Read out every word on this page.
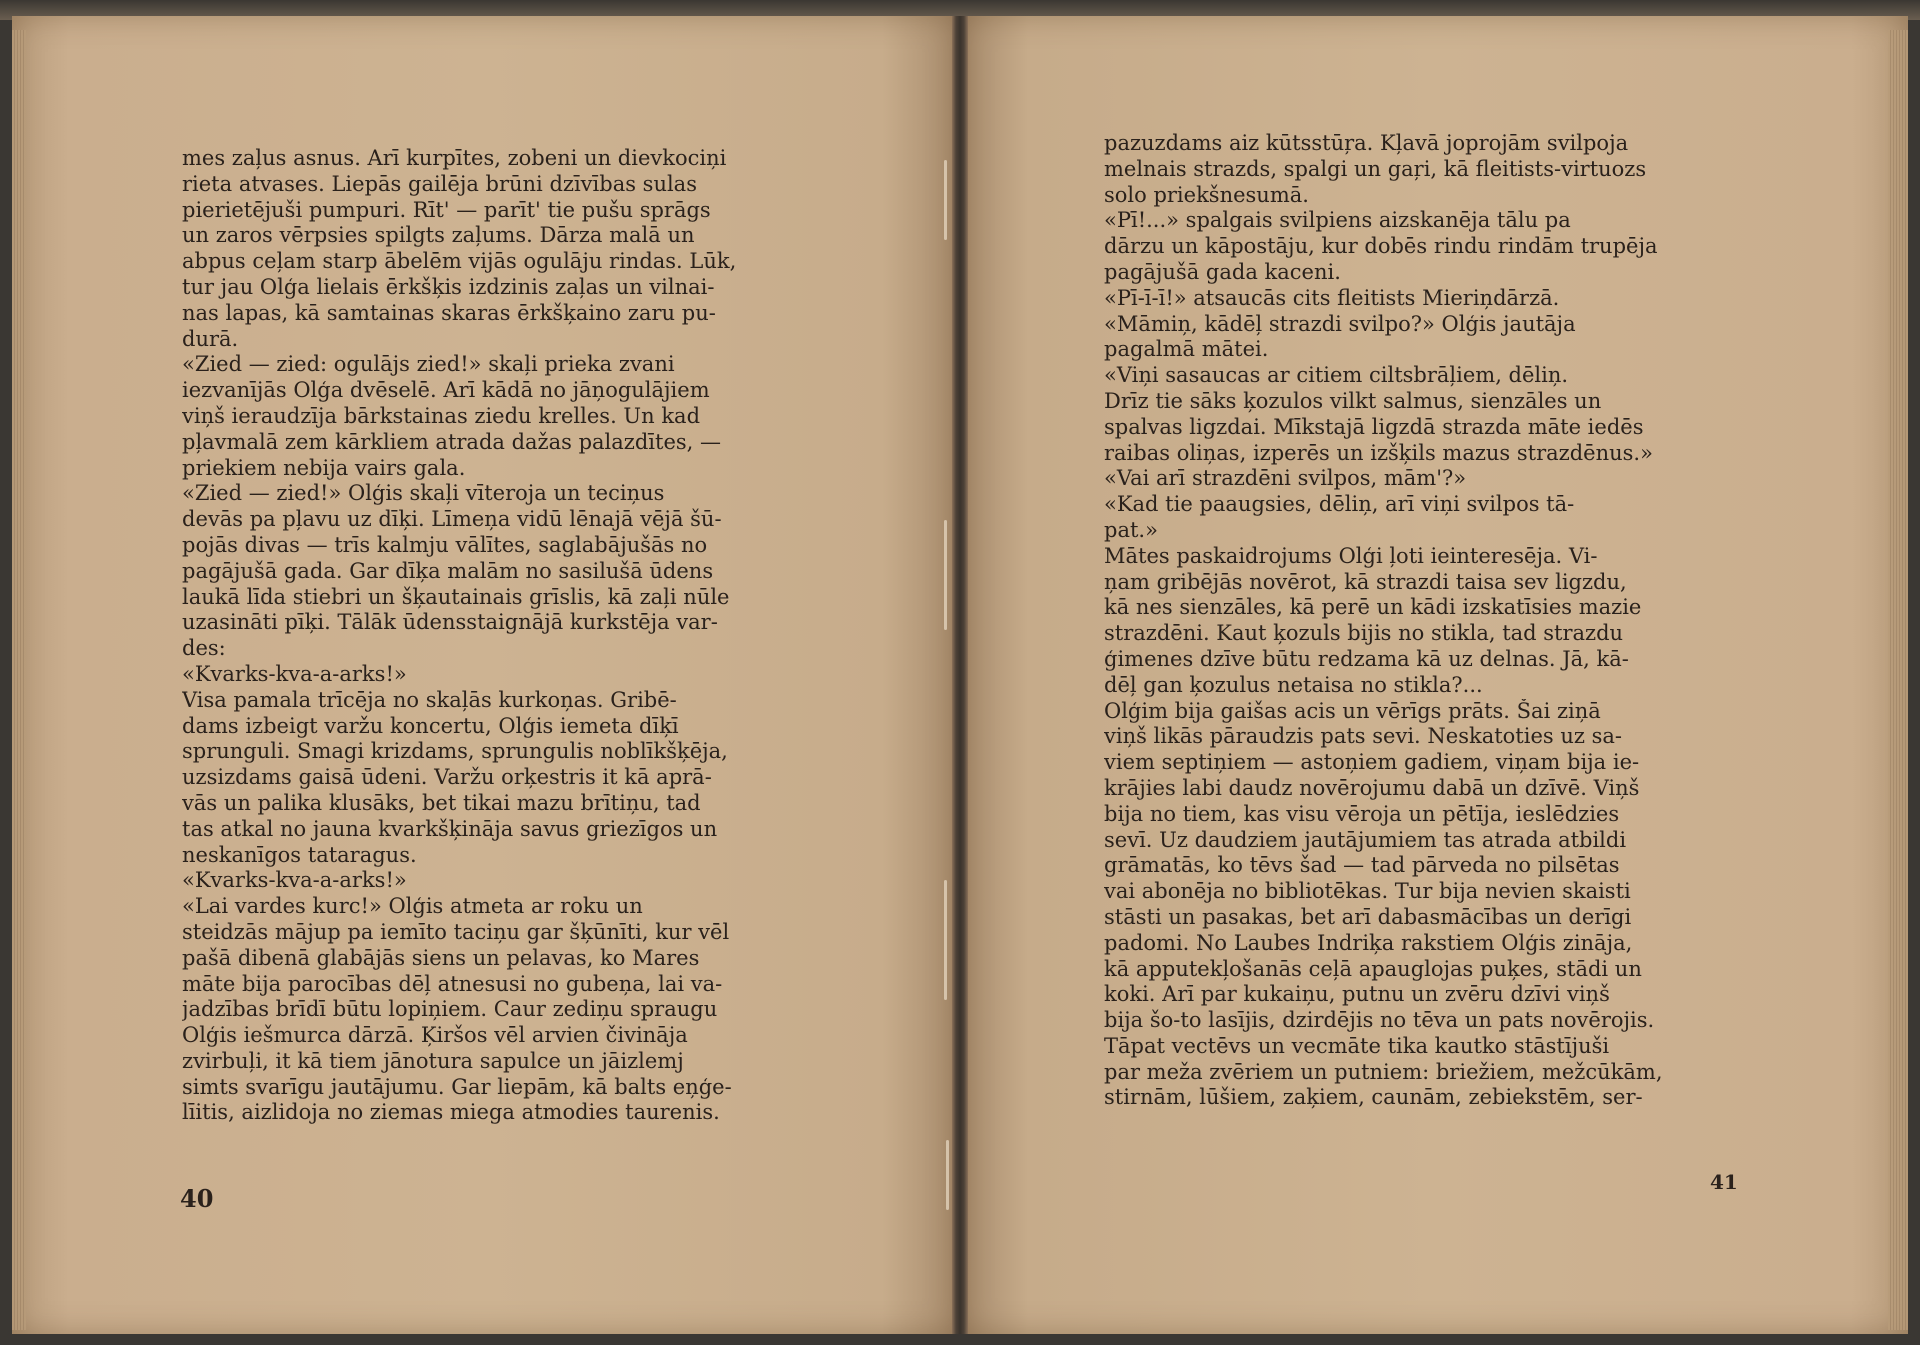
mes zaļus asnus. Arī kurpītes, zobeni un dievkociņi
rieta atvases. Liepās gailēja brūni dzīvības sulas
pierietējuši pumpuri. Rīt' — parīt' tie pušu sprāgs
un zaros vērpsies spilgts zaļums. Dārza malā un
abpus ceļam starp ābelēm vijās ogulāju rindas. Lūk,
tur jau Olģa lielais ērkšķis izdzinis zaļas un vilnai-
nas lapas, kā samtainas skaras ērkšķaino zaru pu-
durā.
«Zied — zied: ogulājs zied!» skaļi prieka zvani
iezvanījās Olģa dvēselē. Arī kādā no jāņogulājiem
viņš ieraudzīja bārkstainas ziedu krelles. Un kad
pļavmalā zem kārkliem atrada dažas palazdītes, —
priekiem nebija vairs gala.
«Zied — zied!» Olģis skaļi vīteroja un teciņus
devās pa pļavu uz dīķi. Līmeņa vidū lēnajā vējā šū-
pojās divas — trīs kalmju vālītes, saglabājušās no
pagājušā gada. Gar dīķa malām no sasilušā ūdens
laukā līda stiebri un šķautainais grīslis, kā zaļi nūle
uzasināti pīķi. Tālāk ūdensstaignājā kurkstēja var-
des:
«Kvarks-kva-a-arks!»
Visa pamala trīcēja no skaļās kurkoņas. Gribē-
dams izbeigt varžu koncertu, Olģis iemeta dīķī
sprunguli. Smagi krizdams, sprungulis noblīkšķēja,
uzsizdams gaisā ūdeni. Varžu orķestris it kā aprā-
vās un palika klusāks, bet tikai mazu brītiņu, tad
tas atkal no jauna kvarkšķināja savus griezīgos un
neskanīgos tataragus.
«Kvarks-kva-a-arks!»
«Lai vardes kurc!» Olģis atmeta ar roku un
steidzās mājup pa iemīto taciņu gar šķūnīti, kur vēl
pašā dibenā glabājās siens un pelavas, ko Mares
māte bija parocības dēļ atnesusi no gubeņa, lai va-
jadzības brīdī būtu lopiņiem. Caur zediņu spraugu
Olģis iešmurca dārzā. Ķiršos vēl arvien čivināja
zvirbuļi, it kā tiem jānotura sapulce un jāizlemj
simts svarīgu jautājumu. Gar liepām, kā balts eņģe-
līitis, aizlidoja no ziemas miega atmodies taurenis.
40
pazuzdams aiz kūtsstūŗa. Kļavā joprojām svilpoja
melnais strazds, spalgi un gaŗi, kā fleitists-virtuozs
solo priekšnesumā.
«Pī!...» spalgais svilpiens aizskanēja tālu pa
dārzu un kāpostāju, kur dobēs rindu rindām trupēja
pagājušā gada kaceni.
«Pī-ī-ī!» atsaucās cits fleitists Mieriņdārzā.
«Māmiņ, kādēļ strazdi svilpo?» Olģis jautāja
pagalmā mātei.
«Viņi sasaucas ar citiem ciltsbrāļiem, dēliņ.
Drīz tie sāks ķozulos vilkt salmus, sienzāles un
spalvas ligzdai. Mīkstajā ligzdā strazda māte iedēs
raibas oliņas, izperēs un izšķils mazus strazdēnus.»
«Vai arī strazdēni svilpos, mām'?»
«Kad tie paaugsies, dēliņ, arī viņi svilpos tā-
pat.»
Mātes paskaidrojums Olģi ļoti ieinteresēja. Vi-
ņam gribējās novērot, kā strazdi taisa sev ligzdu,
kā nes sienzāles, kā perē un kādi izskatīsies mazie
strazdēni. Kaut ķozuls bijis no stikla, tad strazdu
ģimenes dzīve būtu redzama kā uz delnas. Jā, kā-
dēļ gan ķozulus netaisa no stikla?...
Olģim bija gaišas acis un vērīgs prāts. Šai ziņā
viņš likās pāraudzis pats sevi. Neskatoties uz sa-
viem septiņiem — astoņiem gadiem, viņam bija ie-
krājies labi daudz novērojumu dabā un dzīvē. Viņš
bija no tiem, kas visu vēroja un pētīja, ieslēdzies
sevī. Uz daudziem jautājumiem tas atrada atbildi
grāmatās, ko tēvs šad — tad pārveda no pilsētas
vai abonēja no bibliotēkas. Tur bija nevien skaisti
stāsti un pasakas, bet arī dabasmācības un derīgi
padomi. No Laubes Indriķa rakstiem Olģis zināja,
kā apputekļošanās ceļā apauglojas puķes, stādi un
koki. Arī par kukaiņu, putnu un zvēru dzīvi viņš
bija šo-to lasījis, dzirdējis no tēva un pats novērojis.
Tāpat vectēvs un vecmāte tika kautko stāstījuši
par meža zvēriem un putniem: briežiem, mežcūkām,
stirnām, lūšiem, zaķiem, caunām, zebiekstēm, ser-
41
